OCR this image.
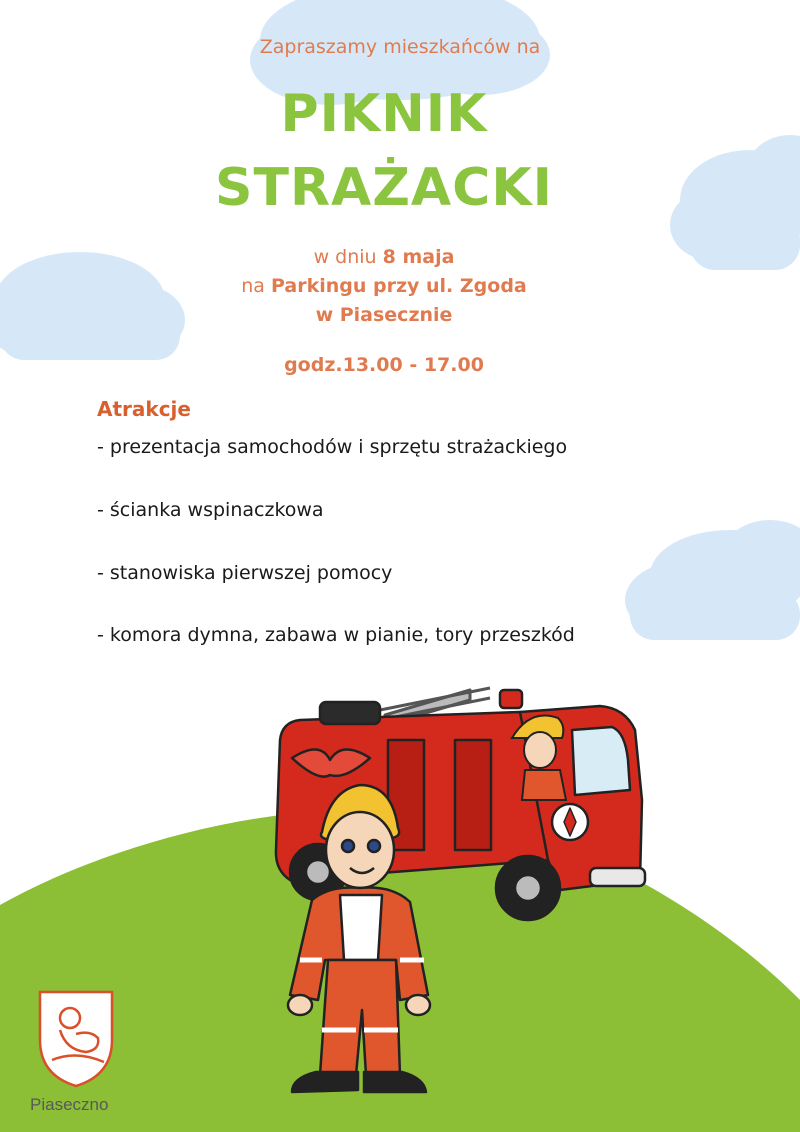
Zapraszamy mieszkańców na
PIKNIK
STRAŻACKI
w dniu 8 maja
na Parkingu przy ul. Zgoda
w Piasecznie
godz.13.00 - 17.00
Atrakcje
- prezentacja samochodów i sprzętu strażackiego
- ścianka wspinaczkowa
- stanowiska pierwszej pomocy
- komora dymna, zabawa w pianie, tory przeszkód
Piaseczno
